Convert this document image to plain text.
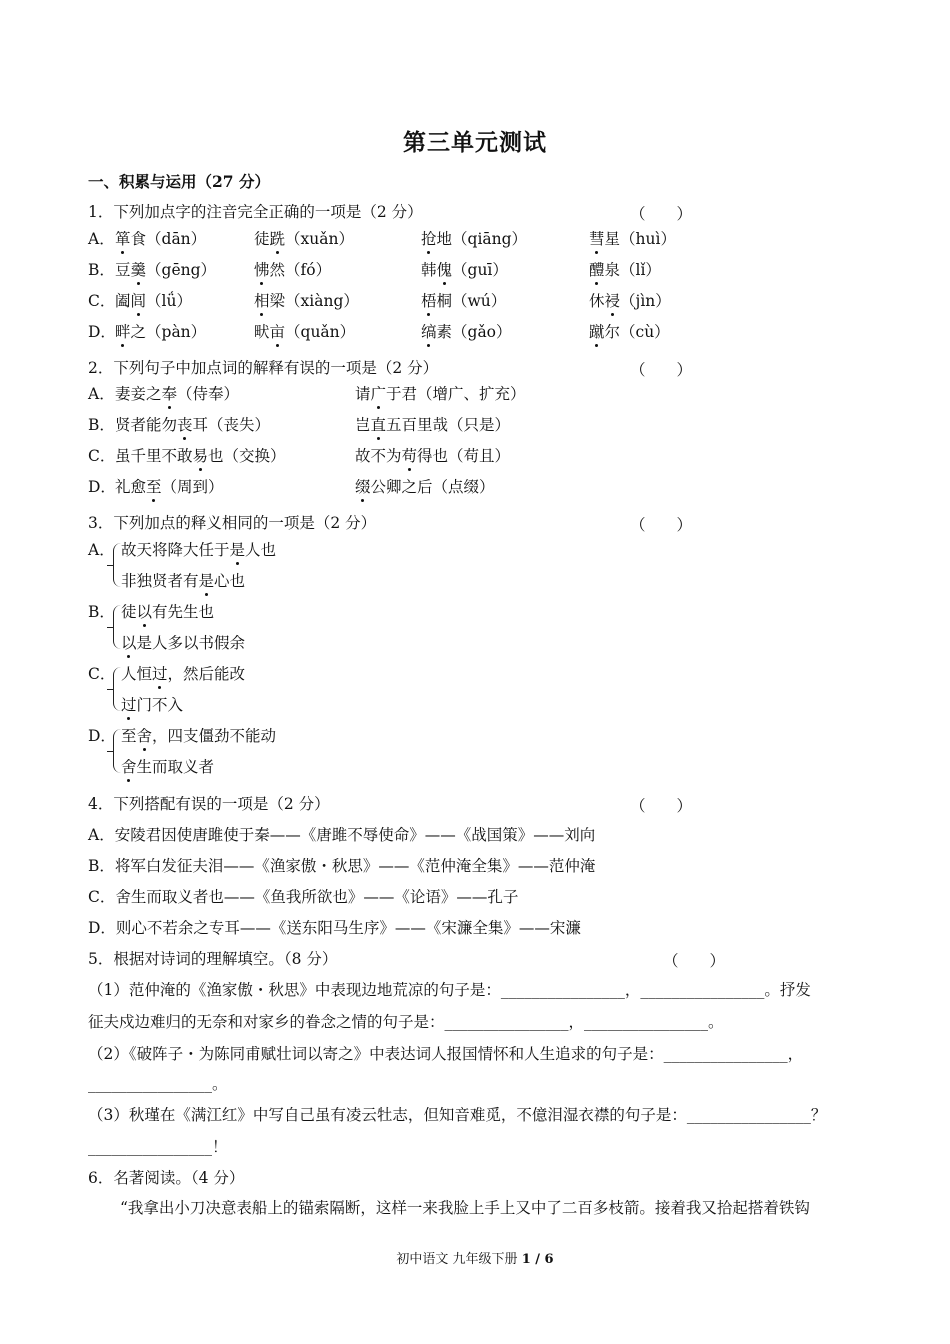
第三单元测试
一、积累与运用（27 分）
1．下列加点字的注音完全正确的一项是（2 分）	（　　）
A． 箪食（dān）	徒跣（xuǎn）	抢地（qiāng）	彗星（huì）
B． 豆羹（gēng） 怫然（fó）	韩傀（guī）	醴泉（lǐ）
C． 阖闾（lǘ）	相梁（xiàng）	梧桐（wú）	休祲（jìn）
D． 畔之（pàn）	畎亩（quǎn）	缟素（gǎo）	蹴尔（cù）
2．下列句子中加点词的解释有误的一项是（2 分）	（　　）
A． 妻妾之奉（侍奉）	请广于君（增广、扩充）
B． 贤者能勿丧耳（丧失）	岂直五百里哉（只是）
C． 虽千里不敢易也（交换）	故不为苟得也（苟且）
D． 礼愈至（周到）	缀公卿之后（点缀）
3．下列加点的释义相同的一项是（2 分）	（　　）
A． 故天将降大任于是人也
非独贤者有是心也
B． 徒以有先生也
以是人多以书假余
C． 人恒过，然后能改
过门不入
D． 至舍，四支僵劲不能动
舍生而取义者
4．下列搭配有误的一项是（2 分）	（　　）
A．安陵君因使唐雎使于秦——《唐雎不辱使命》——《战国策》——刘向
B．将军白发征夫泪——《渔家傲・秋思》——《范仲淹全集》——范仲淹
C．舍生而取义者也——《鱼我所欲也》——《论语》——孔子
D．则心不若余之专耳——《送东阳马生序》——《宋濂全集》——宋濂
5．根据对诗词的理解填空。（8 分）	（　　）
（1）范仲淹的《渔家傲・秋思》中表现边地荒凉的句子是：________________，________________。抒发
征夫戍边难归的无奈和对家乡的眷念之情的句子是：________________，________________。
（2）《破阵子・为陈同甫赋壮词以寄之》中表达词人报国情怀和人生追求的句子是：________________，
________________。
（3）秋瑾在《满江红》中写自己虽有凌云牡志，但知音难觅，不億泪湿衣襟的句子是：________________？
________________！
6．名著阅读。（4 分）
“我拿出小刀决意表船上的锚索隔断，这样一来我脸上手上又中了二百多枝箭。接着我又拾起搭着铁钩
初中语文 九年级下册 1 / 6
